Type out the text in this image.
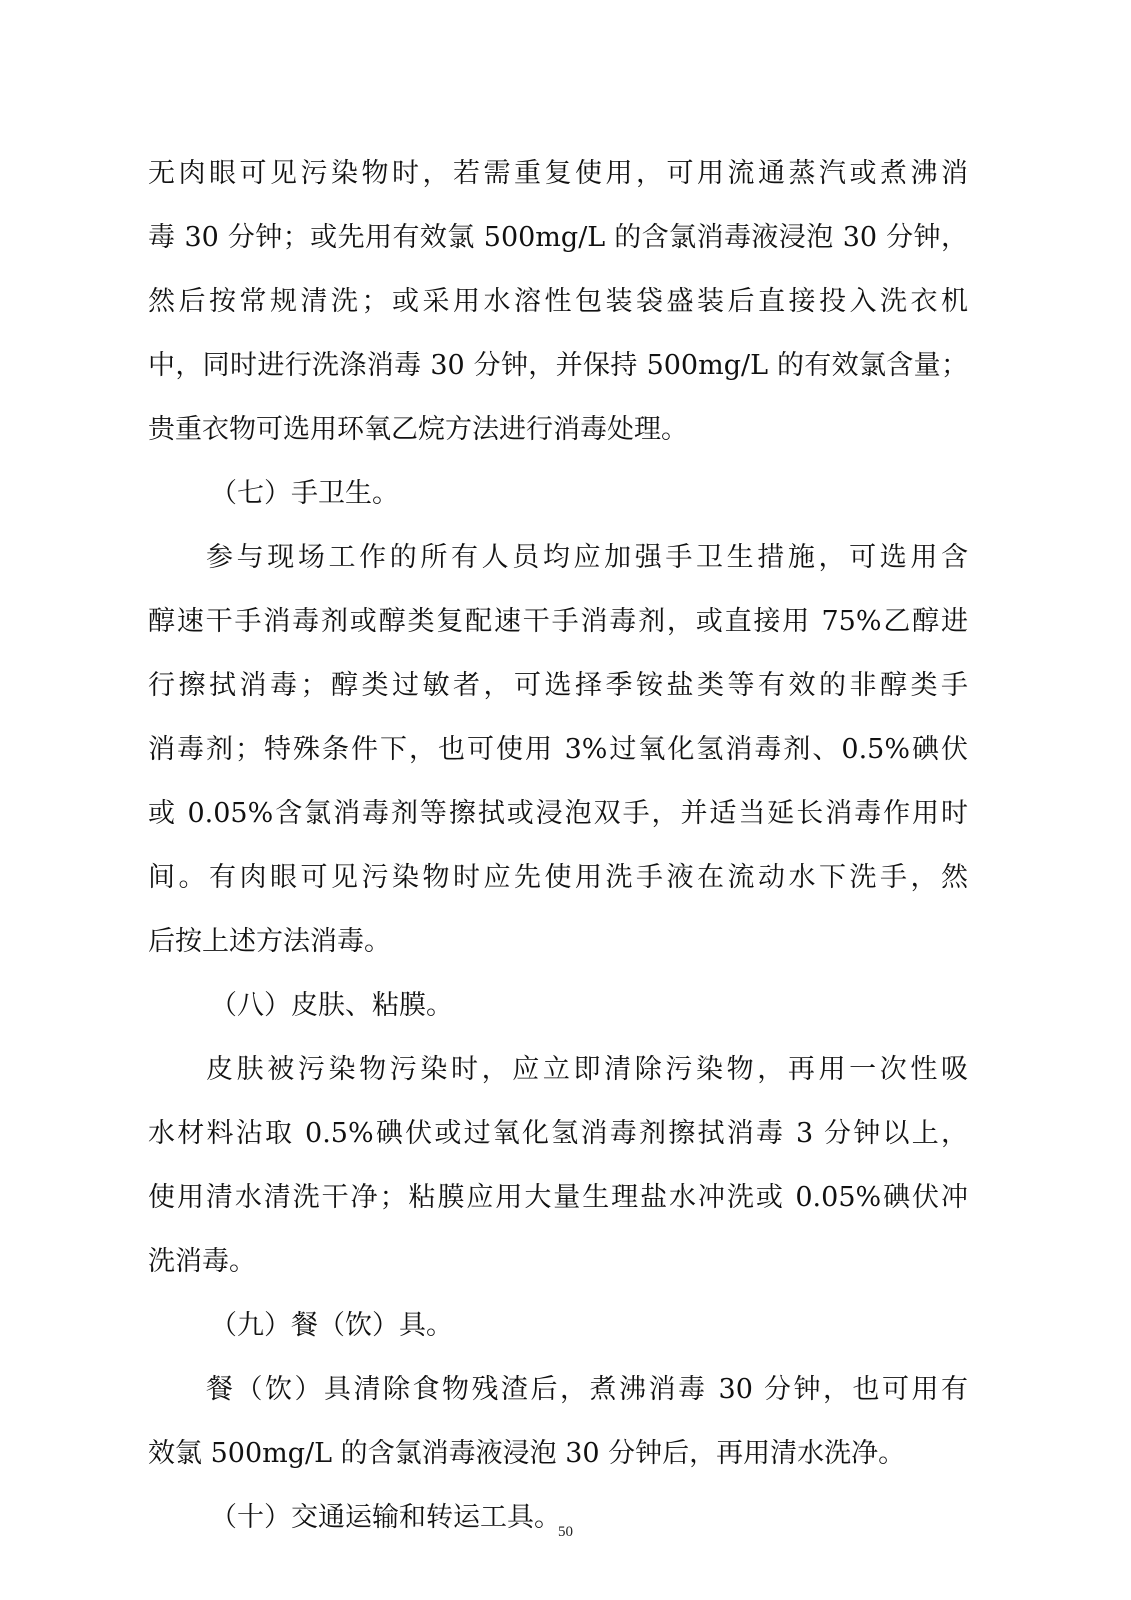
无肉眼可见污染物时，若需重复使用，可用流通蒸汽或煮沸消
毒 30 分钟；或先用有效氯 500mg/L 的含氯消毒液浸泡 30 分钟，
然后按常规清洗；或采用水溶性包装袋盛装后直接投入洗衣机
中，同时进行洗涤消毒 30 分钟，并保持 500mg/L 的有效氯含量；
贵重衣物可选用环氧乙烷方法进行消毒处理。
（七）手卫生。
参与现场工作的所有人员均应加强手卫生措施，可选用含
醇速干手消毒剂或醇类复配速干手消毒剂，或直接用 75%乙醇进
行擦拭消毒；醇类过敏者，可选择季铵盐类等有效的非醇类手
消毒剂；特殊条件下，也可使用 3%过氧化氢消毒剂、0.5%碘伏
或 0.05%含氯消毒剂等擦拭或浸泡双手，并适当延长消毒作用时
间。有肉眼可见污染物时应先使用洗手液在流动水下洗手，然
后按上述方法消毒。
（八）皮肤、粘膜。
皮肤被污染物污染时，应立即清除污染物，再用一次性吸
水材料沾取 0.5%碘伏或过氧化氢消毒剂擦拭消毒 3 分钟以上，
使用清水清洗干净；粘膜应用大量生理盐水冲洗或 0.05%碘伏冲
洗消毒。
（九）餐（饮）具。
餐（饮）具清除食物残渣后，煮沸消毒 30 分钟，也可用有
效氯 500mg/L 的含氯消毒液浸泡 30 分钟后，再用清水洗净。
（十）交通运输和转运工具。
50
